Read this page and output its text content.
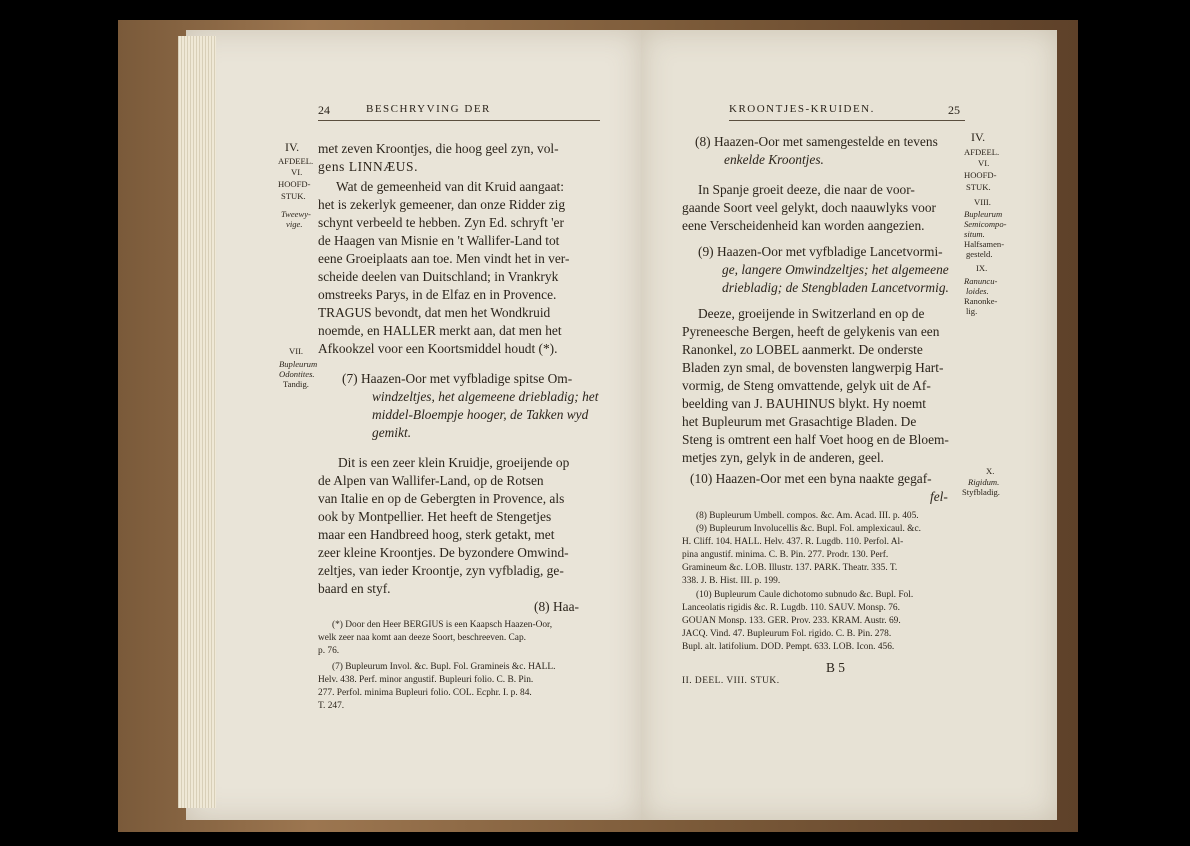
24	BESCHRYVING DER
IV.
AFDEEL.
VI.
HOOFD-
STUK.
Tweewy-
vige.
VII.
Bupleurum
Odontites.
Tandig.
met zeven Kroontjes, die hoog geel zyn, vol-
gens LINNÆUS.
Wat de gemeenheid van dit Kruid aangaat:
het is zekerlyk gemeener, dan onze Ridder zig
schynt verbeeld te hebben. Zyn Ed. schryft 'er
de Haagen van Misnie en 't Wallifer-Land tot
eene Groeiplaats aan toe. Men vindt het in ver-
scheide deelen van Duitschland; in Vrankryk
omstreeks Parys, in de Elfaz en in Provence.
TRAGUS bevondt, dat men het Wondkruid
noemde, en HALLER merkt aan, dat men het
Afkookzel voor een Koortsmiddel houdt (*).
(7) Haazen-Oor met vyfbladige spitse Om-
windzeltjes, het algemeene driebladig; het
middel-Bloempje hooger, de Takken wyd
gemikt.
Dit is een zeer klein Kruidje, groeijende op
de Alpen van Wallifer-Land, op de Rotsen
van Italie en op de Gebergten in Provence, als
ook by Montpellier. Het heeft de Stengetjes
maar een Handbreed hoog, sterk getakt, met
zeer kleine Kroontjes. De byzondere Omwind-
zeltjes, van ieder Kroontje, zyn vyfbladig, ge-
baard en styf.
(8) Haa-
(*) Door den Heer BERGIUS is een Kaapsch Haazen-Oor,
welk zeer naa komt aan deeze Soort, beschreeven. Cap.
p. 76.
(7) Bupleurum Invol. &c. Bupl. Fol. Gramineis &c. HALL.
Helv. 438. Perf. minor angustif. Bupleuri folio. C. B. Pin.
277. Perfol. minima Bupleuri folio. COL. Ecphr. I. p. 84.
T. 247.
KROONTJES-KRUIDEN.	25
IV.
AFDEEL.
VI.
HOOFD-
STUK.
VIII.
Bupleurum
Semicompo-
situm.
Halfsamen-
gesteld.
IX.
Ranuncu-
loides.
Ranonke-
lig.
X.
Rigidum.
Styfbladig.
(8) Haazen-Oor met samengestelde en tevens
enkelde Kroontjes.
In Spanje groeit deeze, die naar de voor-
gaande Soort veel gelykt, doch naauwlyks voor
eene Verscheidenheid kan worden aangezien.
(9) Haazen-Oor met vyfbladige Lancetvormi-
ge, langere Omwindzeltjes; het algemeene
driebladig; de Stengbladen Lancetvormig.
Deeze, groeijende in Switzerland en op de
Pyreneesche Bergen, heeft de gelykenis van een
Ranonkel, zo LOBEL aanmerkt. De onderste
Bladen zyn smal, de bovensten langwerpig Hart-
vormig, de Steng omvattende, gelyk uit de Af-
beelding van J. BAUHINUS blykt. Hy noemt
het Bupleurum met Grasachtige Bladen. De
Steng is omtrent een half Voet hoog en de Bloem-
metjes zyn, gelyk in de anderen, geel.
(10) Haazen-Oor met een byna naakte gegaf-
fel-
(8) Bupleurum Umbell. compos. &c. Am. Acad. III. p. 405.
(9) Bupleurum Involucellis &c. Bupl. Fol. amplexicaul. &c.
H. Cliff. 104. HALL. Helv. 437. R. Lugdb. 110. Perfol. Al-
pina angustif. minima. C. B. Pin. 277. Prodr. 130. Perf.
Gramineum &c. LOB. Illustr. 137. PARK. Theatr. 335. T.
338. J. B. Hist. III. p. 199.
(10) Bupleurum Caule dichotomo subnudo &c. Bupl. Fol.
Lanceolatis rigidis &c. R. Lugdb. 110. SAUV. Monsp. 76.
GOUAN Monsp. 133. GER. Prov. 233. KRAM. Austr. 69.
JACQ. Vind. 47. Bupleurum Fol. rigido. C. B. Pin. 278.
Bupl. alt. latifolium. DOD. Pempt. 633. LOB. Icon. 456.
B 5
II. DEEL. VIII. STUK.
